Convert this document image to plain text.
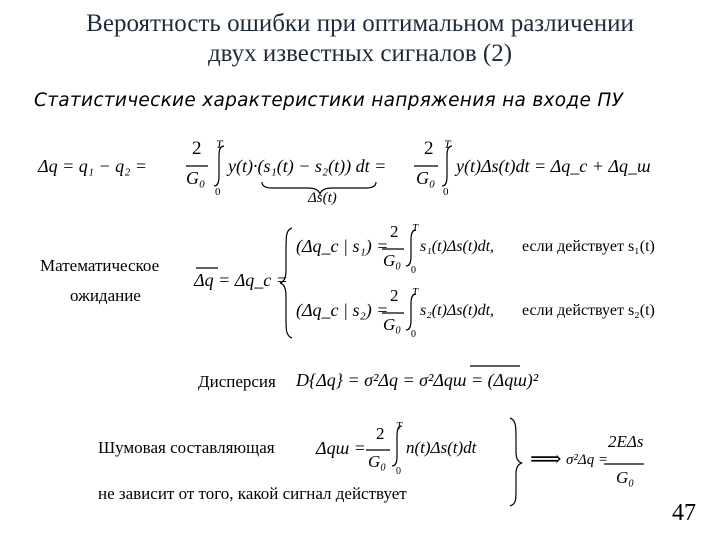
Вероятность ошибки при оптимальном различении
двух известных сигналов (2)
Статистические характеристики напряжения на входе ПУ
Δq = q₁ − q₂ =
2
G₀
T
0
y(t)·(s₁(t) − s₂(t)) dt =
Δs(t)
2
G₀
T
0
y(t)Δs(t)dt = Δq_c + Δq_ш
Математическое
ожидание
Δq = Δq_c =
(Δq_c | s₁) =
2
G₀
T
0
s₁(t)Δs(t)dt, если действует s₁(t)
(Δq_c | s₂) =
2
G₀
T
0
s₂(t)Δs(t)dt, если действует s₂(t)
Дисперсия D{Δq} = σ²Δq = σ²Δqш = (Δqш)²
Шумовая составляющая Δqш =
2
G₀
T
0
n(t)Δs(t)dt
не зависит от того, какой сигнал действует
⟹ σ²Δq =
2EΔs
G₀
47
